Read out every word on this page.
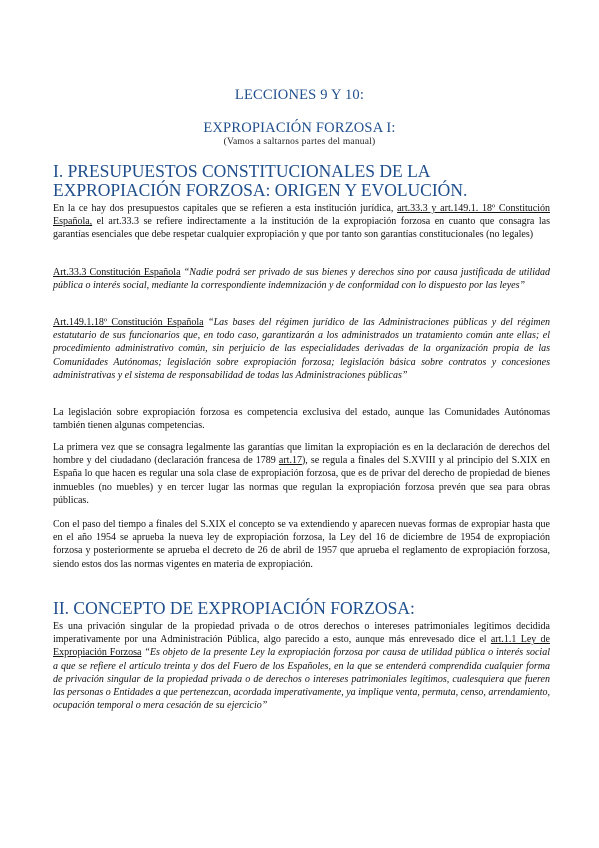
LECCIONES 9 Y 10:
EXPROPIACIÓN FORZOSA I:
(Vamos a saltarnos partes del manual)
I. PRESUPUESTOS CONSTITUCIONALES DE LA
EXPROPIACIÓN FORZOSA: ORIGEN Y EVOLUCIÓN.

En la ce hay dos presupuestos capitales que se refieren a esta institución jurídica, art.33.3 y art.149.1. 18º Constitución Española, el art.33.3 se refiere indirectamente a la institución de la expropiación forzosa en cuanto que consagra las garantías esenciales que debe respetar cualquier expropiación y que por tanto son garantías constitucionales (no legales)

Art.33.3 Constitución Española “Nadie podrá ser privado de sus bienes y derechos sino por causa justificada de utilidad pública o interés social, mediante la correspondiente indemnización y de conformidad con lo dispuesto por las leyes”

Art.149.1.18º Constitución Española “Las bases del régimen jurídico de las Administraciones públicas y del régimen estatutario de sus funcionarios que, en todo caso, garantizarán a los administrados un tratamiento común ante ellas; el procedimiento administrativo común, sin perjuicio de las especialidades derivadas de la organización propia de las Comunidades Autónomas; legislación sobre expropiación forzosa; legislación básica sobre contratos y concesiones administrativas y el sistema de responsabilidad de todas las Administraciones públicas”

La legislación sobre expropiación forzosa es competencia exclusiva del estado, aunque las Comunidades Autónomas también tienen algunas competencias.

La primera vez que se consagra legalmente las garantías que limitan la expropiación es en la declaración de derechos del hombre y del ciudadano (declaración francesa de 1789 art.17), se regula a finales del S.XVIII y al principio del S.XIX en España lo que hacen es regular una sola clase de expropiación forzosa, que es de privar del derecho de propiedad de bienes inmuebles (no muebles) y en tercer lugar las normas que regulan la expropiación forzosa prevén que sea para obras públicas.

Con el paso del tiempo a finales del S.XIX el concepto se va extendiendo y aparecen nuevas formas de expropiar hasta que en el año 1954 se aprueba la nueva ley de expropiación forzosa, la Ley del 16 de diciembre de 1954 de expropiación forzosa y posteriormente se aprueba el decreto de 26 de abril de 1957 que aprueba el reglamento de expropiación forzosa, siendo estos dos las normas vigentes en materia de expropiación.

II. CONCEPTO DE EXPROPIACIÓN FORZOSA:

Es una privación singular de la propiedad privada o de otros derechos o intereses patrimoniales legítimos decidida imperativamente por una Administración Pública, algo parecido a esto, aunque más enrevesado dice el art.1.1 Ley de Expropiación Forzosa “Es objeto de la presente Ley la expropiación forzosa por causa de utilidad pública o interés social a que se refiere el artículo treinta y dos del Fuero de los Españoles, en la que se entenderá comprendida cualquier forma de privación singular de la propiedad privada o de derechos o intereses patrimoniales legítimos, cualesquiera que fueren las personas o Entidades a que pertenezcan, acordada imperativamente, ya implique venta, permuta, censo, arrendamiento, ocupación temporal o mera cesación de su ejercicio”
